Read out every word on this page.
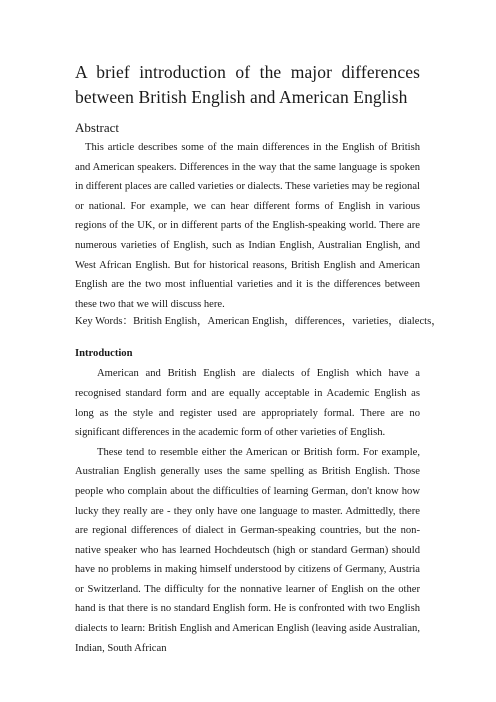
A brief introduction of the major differences between British English and American English
Abstract

This article describes some of the main differences in the English of British and American speakers. Differences in the way that the same language is spoken in different places are called varieties or dialects. These varieties may be regional or national. For example, we can hear different forms of English in various regions of the UK, or in different parts of the English-speaking world. There are numerous varieties of English, such as Indian English, Australian English, and West African English. But for historical reasons, British English and American English are the two most influential varieties and it is the differences between these two that we will discuss here.

Key Words：British English，American English，differences，varieties，dialects，
Introduction

American and British English are dialects of English which have a recognised standard form and are equally acceptable in Academic English as long as the style and register used are appropriately formal. There are no significant differences in the academic form of other varieties of English.

These tend to resemble either the American or British form. For example, Australian English generally uses the same spelling as British English. Those people who complain about the difficulties of learning German, don't know how lucky they really are - they only have one language to master. Admittedly, there are regional differences of dialect in German-speaking countries, but the non-native speaker who has learned Hochdeutsch (high or standard German) should have no problems in making himself understood by citizens of Germany, Austria or Switzerland. The difficulty for the nonnative learner of English on the other hand is that there is no standard English form. He is confronted with two English dialects to learn: British English and American English (leaving aside Australian, Indian, South African
